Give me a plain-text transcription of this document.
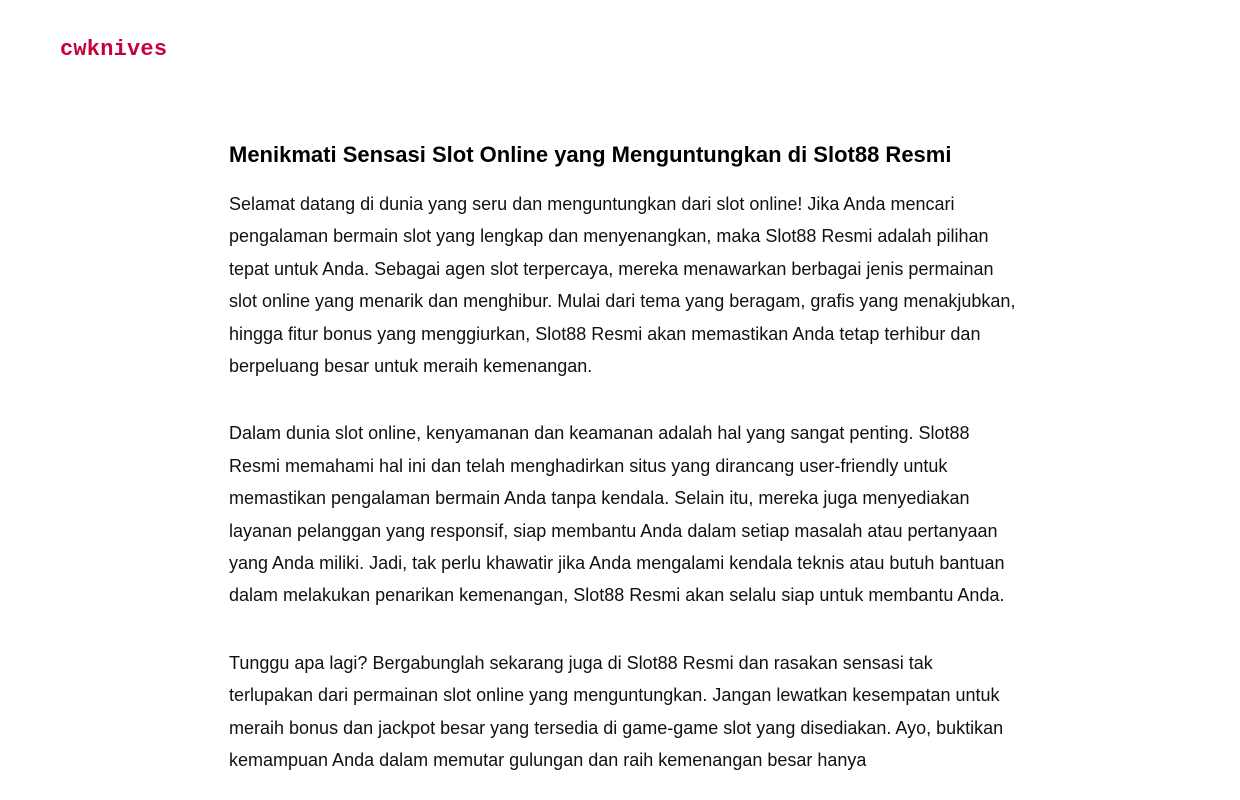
cwknives
Menikmati Sensasi Slot Online yang Menguntungkan di Slot88 Resmi

Selamat datang di dunia yang seru dan menguntungkan dari slot online! Jika Anda mencari pengalaman bermain slot yang lengkap dan menyenangkan, maka Slot88 Resmi adalah pilihan tepat untuk Anda. Sebagai agen slot terpercaya, mereka menawarkan berbagai jenis permainan slot online yang menarik dan menghibur. Mulai dari tema yang beragam, grafis yang menakjubkan, hingga fitur bonus yang menggiurkan, Slot88 Resmi akan memastikan Anda tetap terhibur dan berpeluang besar untuk meraih kemenangan.

Dalam dunia slot online, kenyamanan dan keamanan adalah hal yang sangat penting. Slot88 Resmi memahami hal ini dan telah menghadirkan situs yang dirancang user-friendly untuk memastikan pengalaman bermain Anda tanpa kendala. Selain itu, mereka juga menyediakan layanan pelanggan yang responsif, siap membantu Anda dalam setiap masalah atau pertanyaan yang Anda miliki. Jadi, tak perlu khawatir jika Anda mengalami kendala teknis atau butuh bantuan dalam melakukan penarikan kemenangan, Slot88 Resmi akan selalu siap untuk membantu Anda.

Tunggu apa lagi? Bergabunglah sekarang juga di Slot88 Resmi dan rasakan sensasi tak terlupakan dari permainan slot online yang menguntungkan. Jangan lewatkan kesempatan untuk meraih bonus dan jackpot besar yang tersedia di game-game slot yang disediakan. Ayo, buktikan kemampuan Anda dalam memutar gulungan dan raih kemenangan besar hanya
